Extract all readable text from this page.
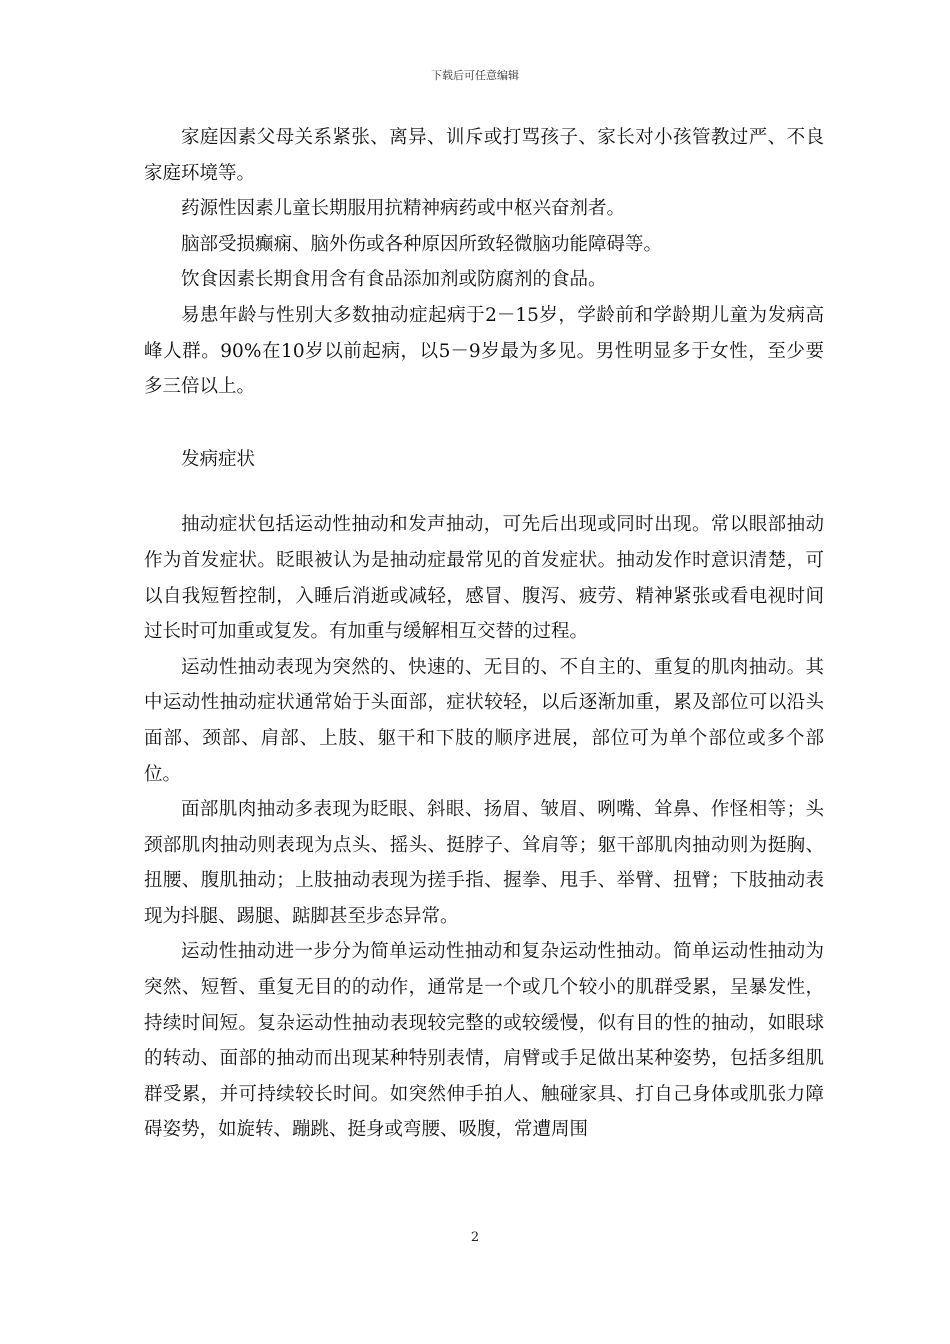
下载后可任意编辑

家庭因素父母关系紧张、离异、训斥或打骂孩子、家长对小孩管教过严、不良家庭环境等。

药源性因素儿童长期服用抗精神病药或中枢兴奋剂者。

脑部受损癫痫、脑外伤或各种原因所致轻微脑功能障碍等。

饮食因素长期食用含有食品添加剂或防腐剂的食品。

易患年龄与性别大多数抽动症起病于2－15岁，学龄前和学龄期儿童为发病高峰人群。90%在10岁以前起病，以5－9岁最为多见。男性明显多于女性，至少要多三倍以上。

发病症状

抽动症状包括运动性抽动和发声抽动，可先后出现或同时出现。常以眼部抽动作为首发症状。眨眼被认为是抽动症最常见的首发症状。抽动发作时意识清楚，可以自我短暂控制，入睡后消逝或减轻，感冒、腹泻、疲劳、精神紧张或看电视时间过长时可加重或复发。有加重与缓解相互交替的过程。

运动性抽动表现为突然的、快速的、无目的、不自主的、重复的肌肉抽动。其中运动性抽动症状通常始于头面部，症状较轻，以后逐渐加重，累及部位可以沿头面部、颈部、肩部、上肢、躯干和下肢的顺序进展，部位可为单个部位或多个部位。

面部肌肉抽动多表现为眨眼、斜眼、扬眉、皱眉、咧嘴、耸鼻、作怪相等；头颈部肌肉抽动则表现为点头、摇头、挺脖子、耸肩等；躯干部肌肉抽动则为挺胸、扭腰、腹肌抽动；上肢抽动表现为搓手指、握拳、甩手、举臂、扭臂；下肢抽动表现为抖腿、踢腿、踮脚甚至步态异常。

运动性抽动进一步分为简单运动性抽动和复杂运动性抽动。简单运动性抽动为突然、短暂、重复无目的的动作，通常是一个或几个较小的肌群受累，呈暴发性，持续时间短。复杂运动性抽动表现较完整的或较缓慢，似有目的性的抽动，如眼球的转动、面部的抽动而出现某种特别表情，肩臂或手足做出某种姿势，包括多组肌群受累，并可持续较长时间。如突然伸手拍人、触碰家具、打自己身体或肌张力障碍姿势，如旋转、蹦跳、挺身或弯腰、吸腹，常遭周围

2
